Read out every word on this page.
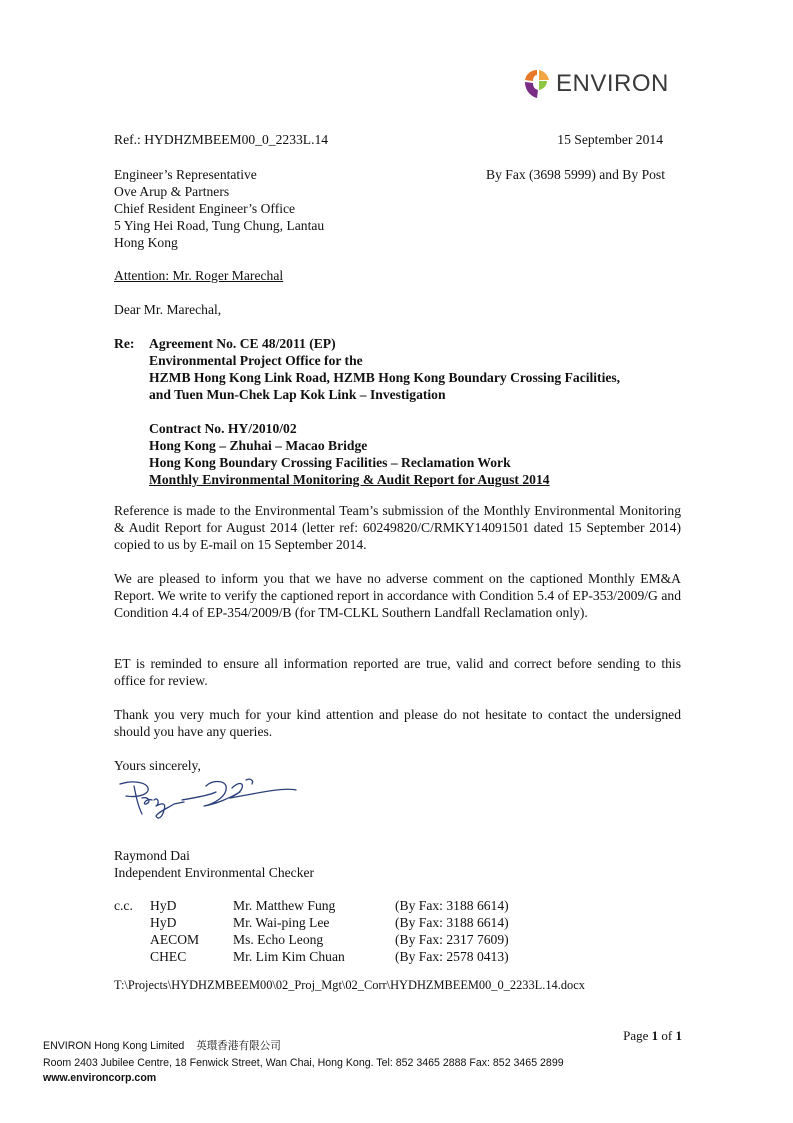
ENVIRON
Ref.: HYDHZMBEEM00_0_2233L.14	15 September 2014
Engineer’s Representative
Ove Arup & Partners
Chief Resident Engineer’s Office
5 Ying Hei Road, Tung Chung, Lantau
Hong Kong
By Fax (3698 5999) and By Post
Attention: Mr. Roger Marechal
Dear Mr. Marechal,
Re: Agreement No. CE 48/2011 (EP)
Environmental Project Office for the
HZMB Hong Kong Link Road, HZMB Hong Kong Boundary Crossing Facilities,
and Tuen Mun-Chek Lap Kok Link – Investigation
Contract No. HY/2010/02
Hong Kong – Zhuhai – Macao Bridge
Hong Kong Boundary Crossing Facilities – Reclamation Work
Monthly Environmental Monitoring & Audit Report for August 2014
Reference is made to the Environmental Team’s submission of the Monthly Environmental Monitoring & Audit Report for August 2014 (letter ref: 60249820/C/RMKY14091501 dated 15 September 2014) copied to us by E-mail on 15 September 2014.
We are pleased to inform you that we have no adverse comment on the captioned Monthly EM&A Report. We write to verify the captioned report in accordance with Condition 5.4 of EP-353/2009/G and Condition 4.4 of EP-354/2009/B (for TM-CLKL Southern Landfall Reclamation only).
ET is reminded to ensure all information reported are true, valid and correct before sending to this office for review.
Thank you very much for your kind attention and please do not hesitate to contact the undersigned should you have any queries.
Yours sincerely,
Raymond Dai
Independent Environmental Checker
c.c. HyD	Mr. Matthew Fung	(By Fax: 3188 6614)
HyD	Mr. Wai-ping Lee	(By Fax: 3188 6614)
AECOM Ms. Echo Leong	(By Fax: 2317 7609)
CHEC	Mr. Lim Kim Chuan	(By Fax: 2578 0413)
T:\Projects\HYDHZMBEEM00\02_Proj_Mgt\02_Corr\HYDHZMBEEM00_0_2233L.14.docx
Page 1 of 1
ENVIRON Hong Kong Limited 英環香港有限公司
Room 2403 Jubilee Centre, 18 Fenwick Street, Wan Chai, Hong Kong. Tel: 852 3465 2888 Fax: 852 3465 2899
www.environcorp.com
